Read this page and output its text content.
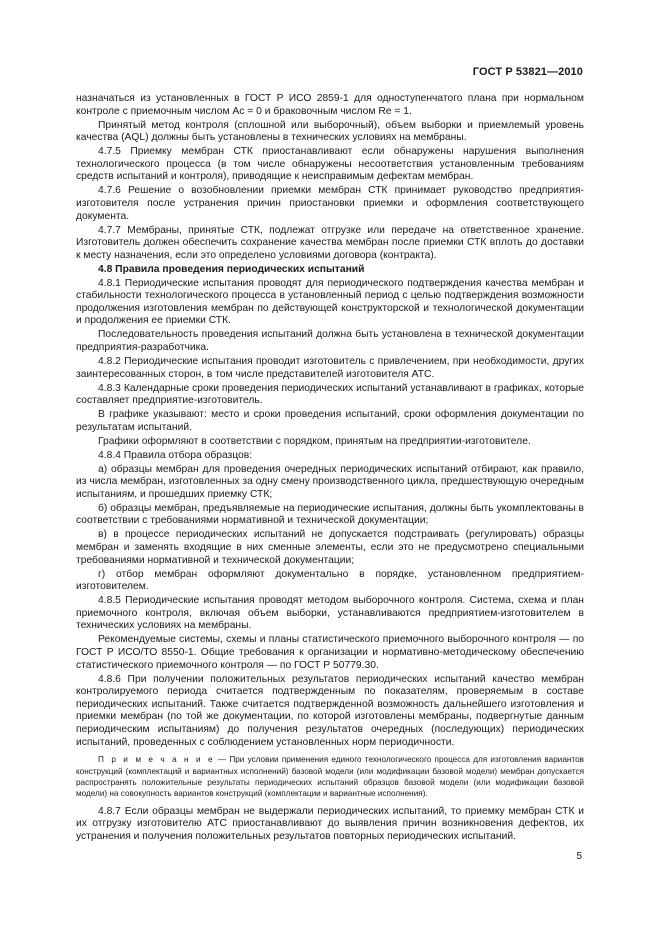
ГОСТ Р 53821—2010

назначаться из установленных в ГОСТ Р ИСО 2859-1 для одноступенчатого плана при нормальном контроле с приемочным числом Ac = 0 и браковочным числом Re = 1.

Принятый метод контроля (сплошной или выборочный), объем выборки и приемлемый уровень качества (AQL) должны быть установлены в технических условиях на мембраны.

4.7.5 Приемку мембран СТК приостанавливают если обнаружены нарушения выполнения технологического процесса (в том числе обнаружены несоответствия установленным требованиям средств испытаний и контроля), приводящие к неисправимым дефектам мембран.

4.7.6 Решение о возобновлении приемки мембран СТК принимает руководство предприятия-изготовителя после устранения причин приостановки приемки и оформления соответствующего документа.

4.7.7 Мембраны, принятые СТК, подлежат отгрузке или передаче на ответственное хранение. Изготовитель должен обеспечить сохранение качества мембран после приемки СТК вплоть до доставки к месту назначения, если это определено условиями договора (контракта).

4.8 Правила проведения периодических испытаний

4.8.1 Периодические испытания проводят для периодического подтверждения качества мембран и стабильности технологического процесса в установленный период с целью подтверждения возможности продолжения изготовления мембран по действующей конструкторской и технологической документации и продолжения ее приемки СТК.

Последовательность проведения испытаний должна быть установлена в технической документации предприятия-разработчика.

4.8.2 Периодические испытания проводит изготовитель с привлечением, при необходимости, других заинтересованных сторон, в том числе представителей изготовителя АТС.

4.8.3 Календарные сроки проведения периодических испытаний устанавливают в графиках, которые составляет предприятие-изготовитель.

В графике указывают: место и сроки проведения испытаний, сроки оформления документации по результатам испытаний.

Графики оформляют в соответствии с порядком, принятым на предприятии-изготовителе.

4.8.4 Правила отбора образцов:

а) образцы мембран для проведения очередных периодических испытаний отбирают, как правило, из числа мембран, изготовленных за одну смену производственного цикла, предшествующую очередным испытаниям, и прошедших приемку СТК;

б) образцы мембран, предъявляемые на периодические испытания, должны быть укомплектованы в соответствии с требованиями нормативной и технической документации;

в) в процессе периодических испытаний не допускается подстраивать (регулировать) образцы мембран и заменять входящие в них сменные элементы, если это не предусмотрено специальными требованиями нормативной и технической документации;

г) отбор мембран оформляют документально в порядке, установленном предприятием-изготовителем.

4.8.5 Периодические испытания проводят методом выборочного контроля. Система, схема и план приемочного контроля, включая объем выборки, устанавливаются предприятием-изготовителем в технических условиях на мембраны.

Рекомендуемые системы, схемы и планы статистического приемочного выборочного контроля — по ГОСТ Р ИСО/ТО 8550-1. Общие требования к организации и нормативно-методическому обеспечению статистического приемочного контроля — по ГОСТ Р 50779.30.

4.8.6 При получении положительных результатов периодических испытаний качество мембран контролируемого периода считается подтвержденным по показателям, проверяемым в составе периодических испытаний. Также считается подтвержденной возможность дальнейшего изготовления и приемки мембран (по той же документации, по которой изготовлены мембраны, подвергнутые данным периодическим испытаниям) до получения результатов очередных (последующих) периодических испытаний, проведенных с соблюдением установленных норм периодичности.

П р и м е ч а н и е — При условии применения единого технологического процесса для изготовления вариантов конструкций (комплектаций и вариантных исполнений) базовой модели (или модификации базовой модели) мембран допускается распространять положительные результаты периодических испытаний образцов базовой модели (или модификации базовой модели) на совокупность вариантов конструкций (комплектации и вариантные исполнения).

4.8.7 Если образцы мембран не выдержали периодических испытаний, то приемку мембран СТК и их отгрузку изготовителю АТС приостанавливают до выявления причин возникновения дефектов, их устранения и получения положительных результатов повторных периодических испытаний.

5
